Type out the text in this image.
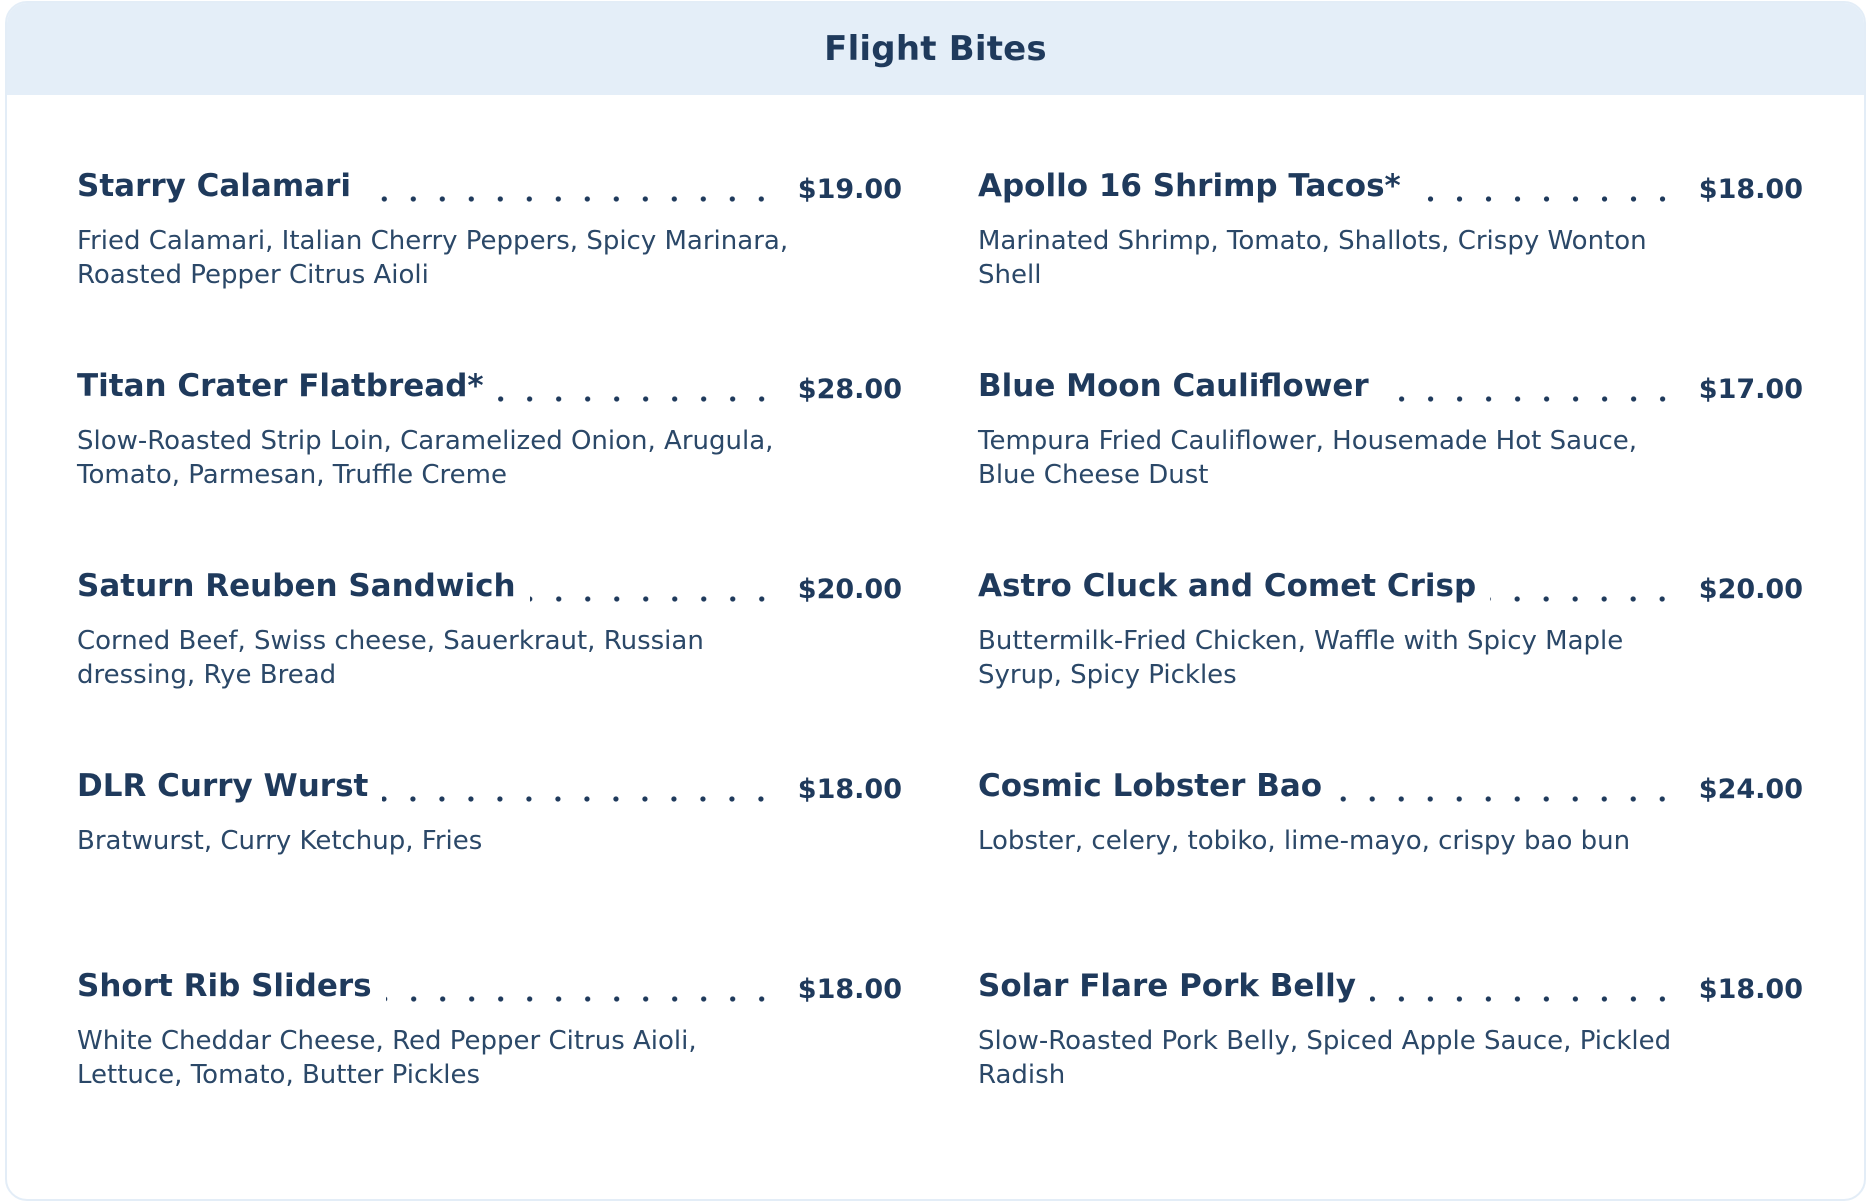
Flight Bites
Starry Calamari	$19.00
Fried Calamari, Italian Cherry Peppers, Spicy Marinara, Roasted Pepper Citrus Aioli
Apollo 16 Shrimp Tacos*	$18.00
Marinated Shrimp, Tomato, Shallots, Crispy Wonton Shell
Titan Crater Flatbread*	$28.00
Slow-Roasted Strip Loin, Caramelized Onion, Arugula, Tomato, Parmesan, Truffle Creme
Blue Moon Cauliflower	$17.00
Tempura Fried Cauliflower, Housemade Hot Sauce, Blue Cheese Dust
Saturn Reuben Sandwich	$20.00
Corned Beef, Swiss cheese, Sauerkraut, Russian dressing, Rye Bread
Astro Cluck and Comet Crisp	$20.00
Buttermilk-Fried Chicken, Waffle with Spicy Maple Syrup, Spicy Pickles
DLR Curry Wurst	$18.00
Bratwurst, Curry Ketchup, Fries
Cosmic Lobster Bao	$24.00
Lobster, celery, tobiko, lime-mayo, crispy bao bun
Short Rib Sliders	$18.00
White Cheddar Cheese, Red Pepper Citrus Aioli, Lettuce, Tomato, Butter Pickles
Solar Flare Pork Belly	$18.00
Slow-Roasted Pork Belly, Spiced Apple Sauce, Pickled Radish
